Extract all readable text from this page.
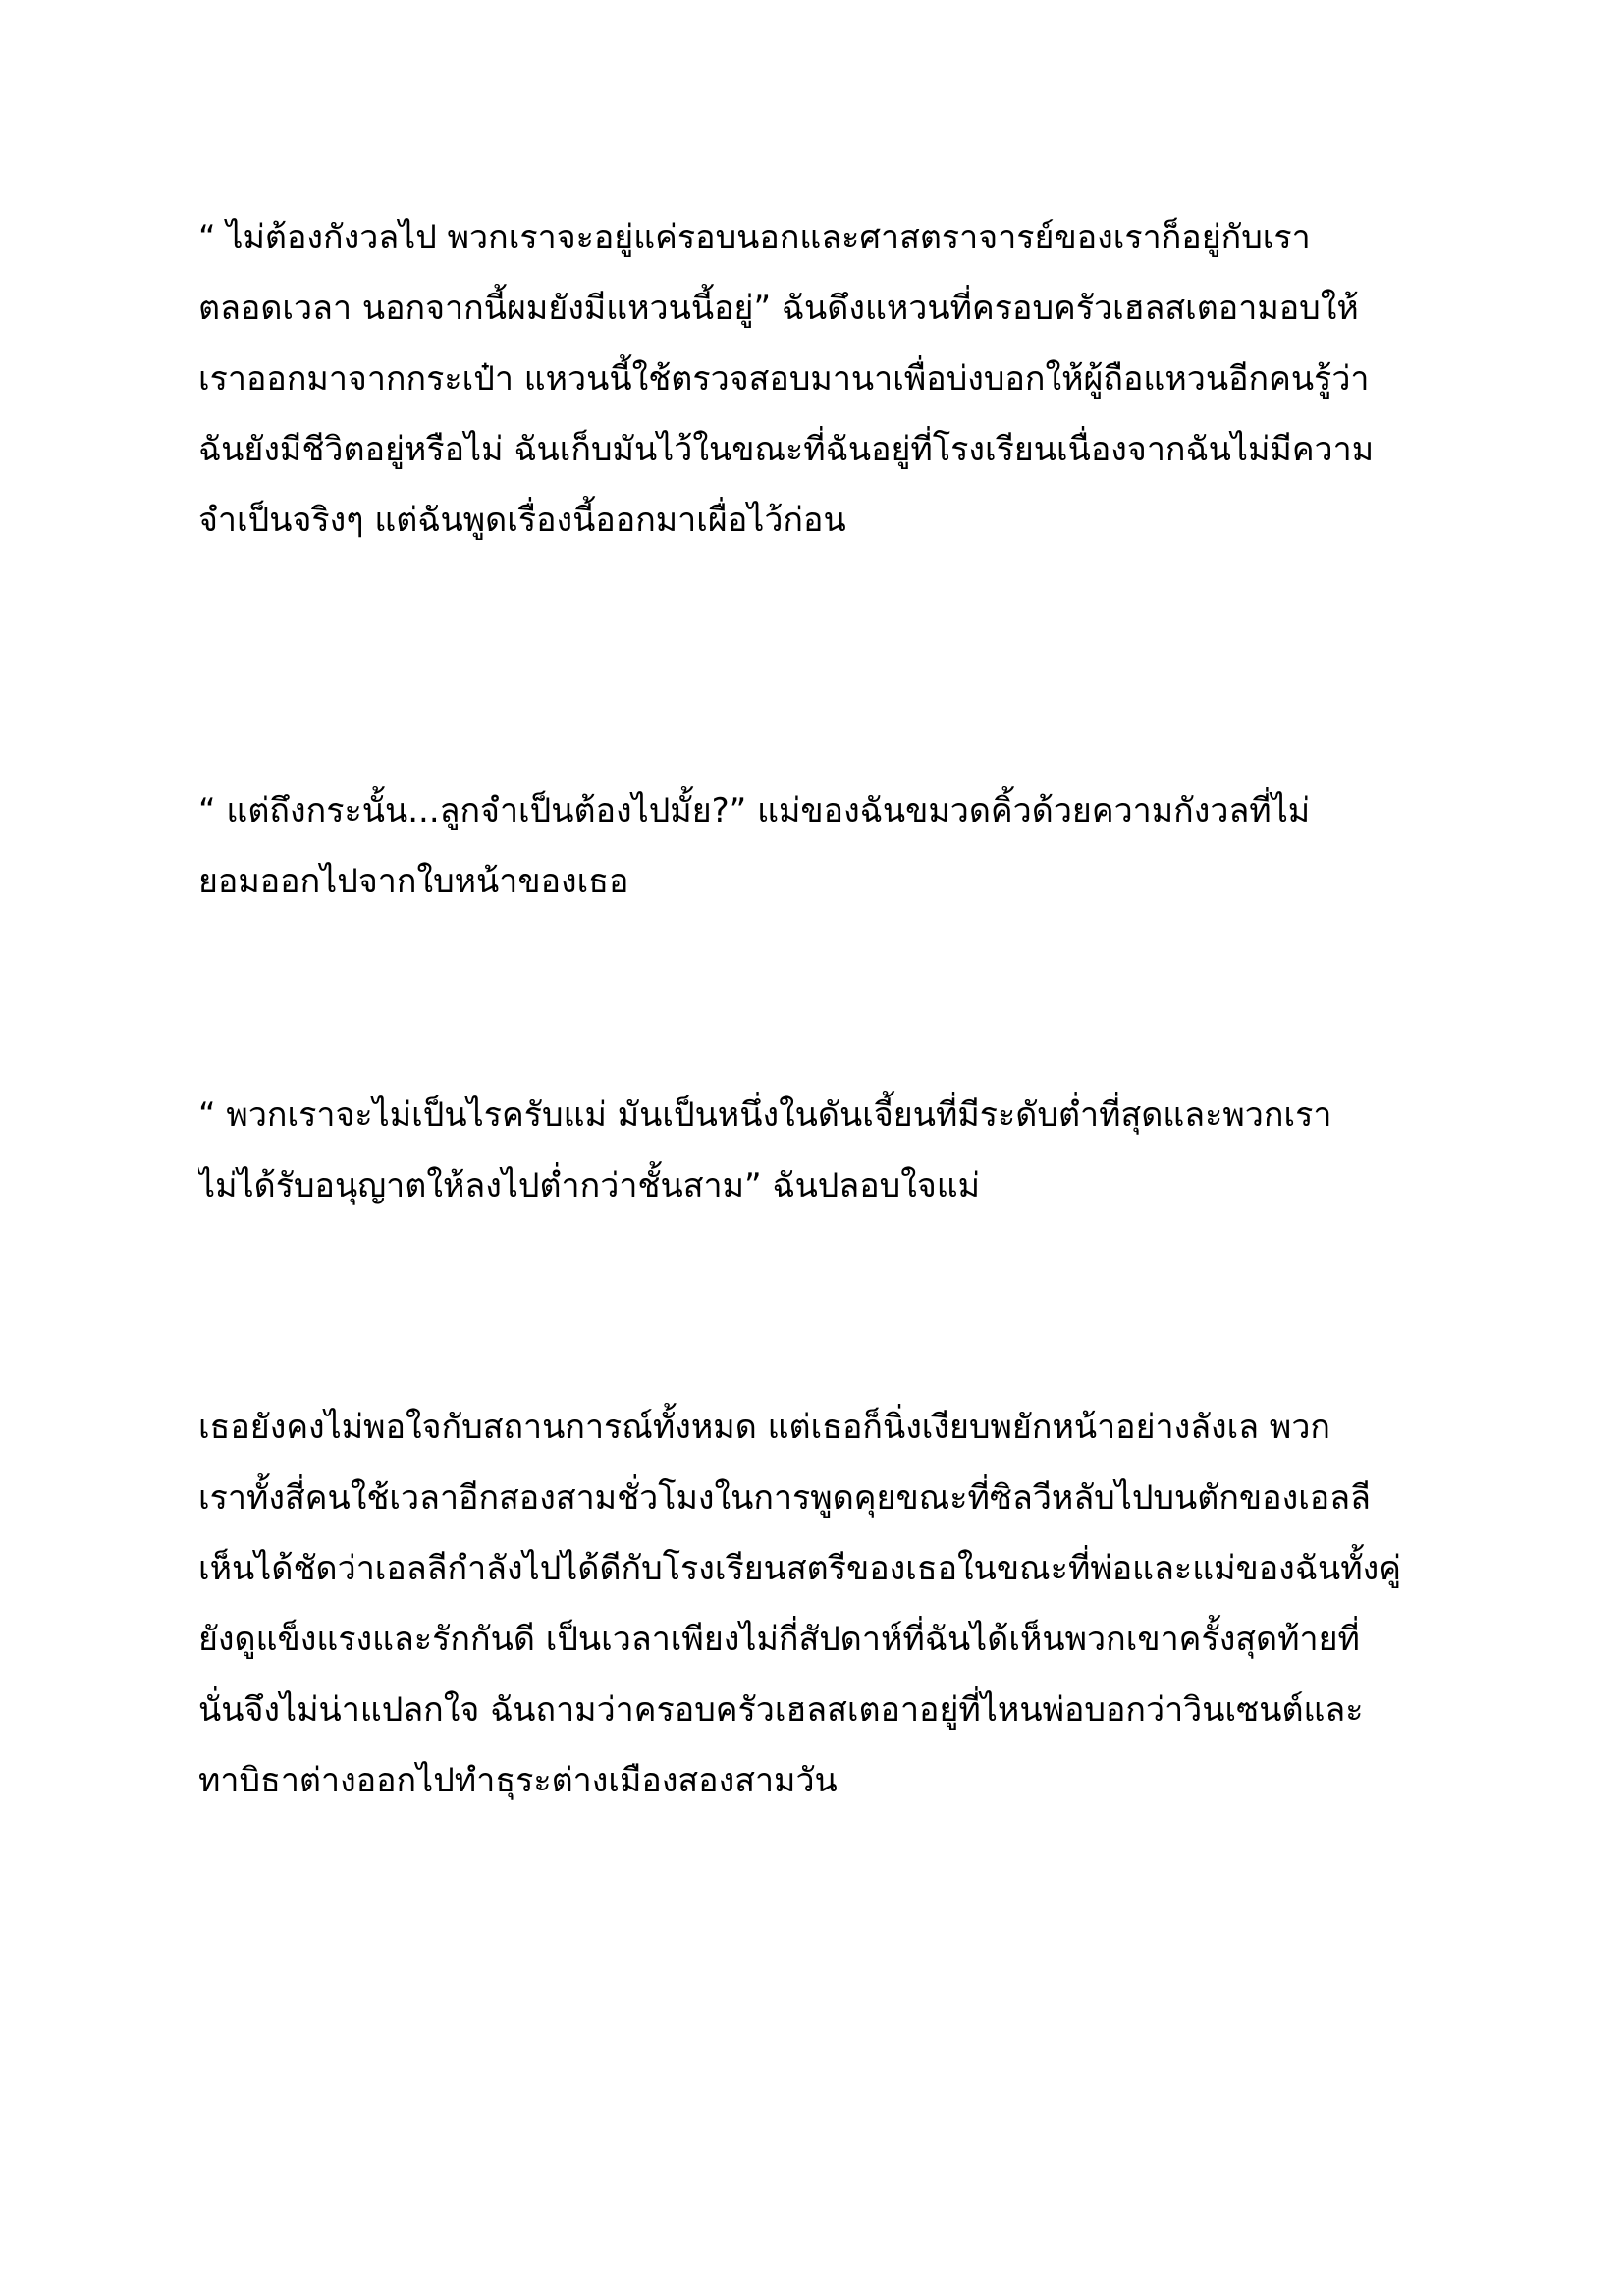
“ ไม่ต้องกังวลไป พวกเราจะอยู่แค่รอบนอกและศาสตราจารย์ของเราก็อยู่กับเรา
ตลอดเวลา นอกจากนี้ผมยังมีแหวนนี้อยู่” ฉันดึงแหวนที่ครอบครัวเฮลสเตอามอบให้
เราออกมาจากกระเป๋า แหวนนี้ใช้ตรวจสอบมานาเพื่อบ่งบอกให้ผู้ถือแหวนอีกคนรู้ว่า
ฉันยังมีชีวิตอยู่หรือไม่ ฉันเก็บมันไว้ในขณะที่ฉันอยู่ที่โรงเรียนเนื่องจากฉันไม่มีความ
จำเป็นจริงๆ แต่ฉันพูดเรื่องนี้ออกมาเผื่อไว้ก่อน
“ แต่ถึงกระนั้น...ลูกจำเป็นต้องไปมั้ย?” แม่ของฉันขมวดคิ้วด้วยความกังวลที่ไม่
ยอมออกไปจากใบหน้าของเธอ
“ พวกเราจะไม่เป็นไรครับแม่ มันเป็นหนึ่งในดันเจี้ยนที่มีระดับต่ำที่สุดและพวกเรา
ไม่ได้รับอนุญาตให้ลงไปต่ำกว่าชั้นสาม” ฉันปลอบใจแม่
เธอยังคงไม่พอใจกับสถานการณ์ทั้งหมด แต่เธอก็นิ่งเงียบพยักหน้าอย่างลังเล พวก
เราทั้งสี่คนใช้เวลาอีกสองสามชั่วโมงในการพูดคุยขณะที่ซิลวีหลับไปบนตักของเอลลี
เห็นได้ชัดว่าเอลลีกำลังไปได้ดีกับโรงเรียนสตรีของเธอในขณะที่พ่อและแม่ของฉันทั้งคู่
ยังดูแข็งแรงและรักกันดี เป็นเวลาเพียงไม่กี่สัปดาห์ที่ฉันได้เห็นพวกเขาครั้งสุดท้ายที่
นั่นจึงไม่น่าแปลกใจ ฉันถามว่าครอบครัวเฮลสเตอาอยู่ที่ไหนพ่อบอกว่าวินเซนต์และ
ทาบิธาต่างออกไปทำธุระต่างเมืองสองสามวัน
